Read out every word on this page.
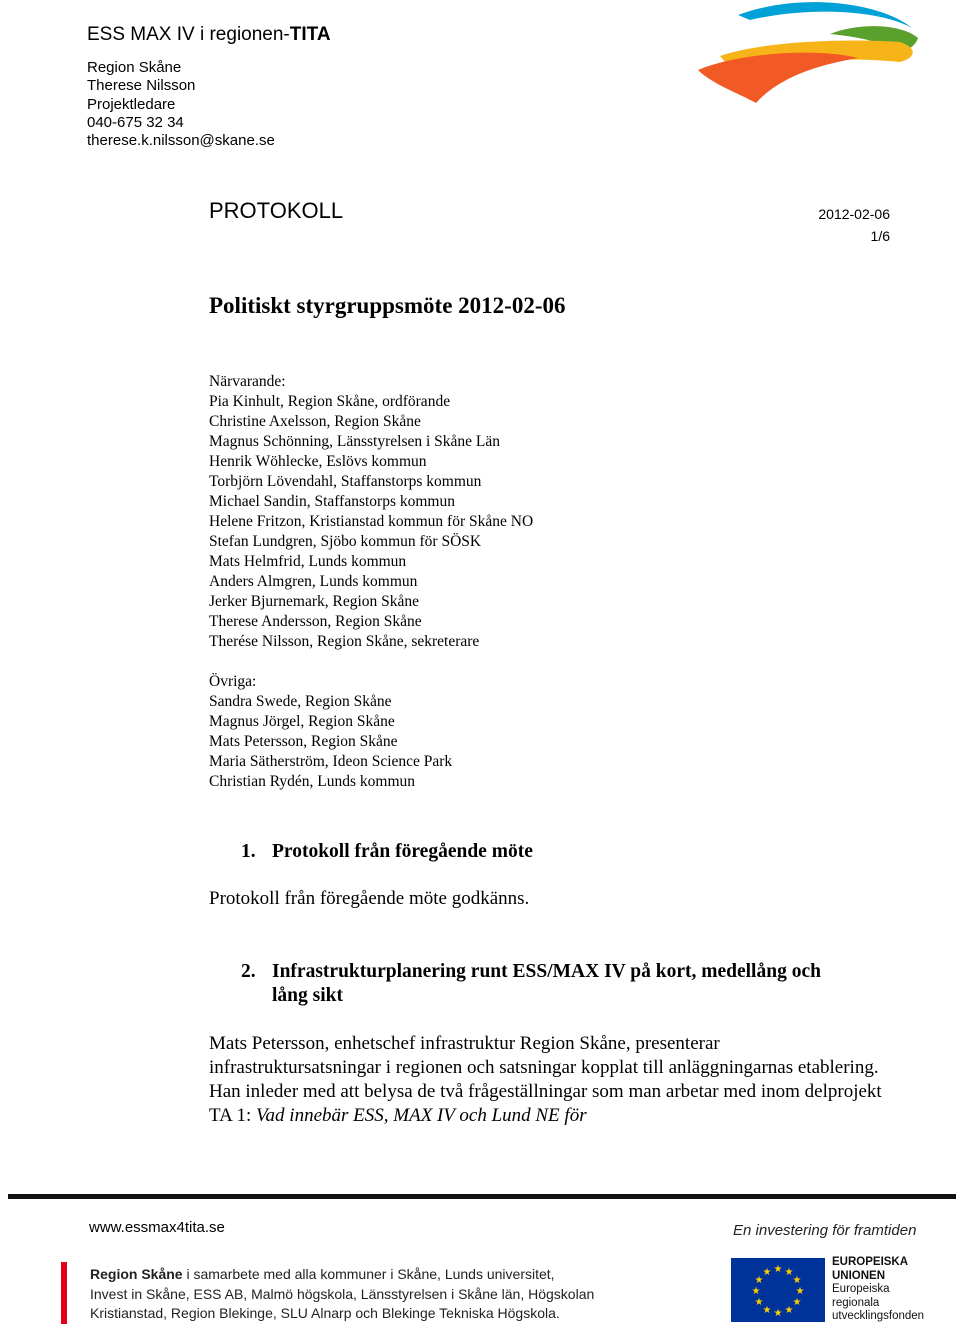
ESS MAX IV i regionen-TITA
Region Skåne
Therese Nilsson
Projektledare
040-675 32 34
therese.k.nilsson@skane.se
PROTOKOLL	2012-02-06
1/6
Politiskt styrgruppsmöte 2012-02-06
Närvarande:
Pia Kinhult, Region Skåne, ordförande
Christine Axelsson, Region Skåne
Magnus Schönning, Länsstyrelsen i Skåne Län
Henrik Wöhlecke, Eslövs kommun
Torbjörn Lövendahl, Staffanstorps kommun
Michael Sandin, Staffanstorps kommun
Helene Fritzon, Kristianstad kommun för Skåne NO
Stefan Lundgren, Sjöbo kommun för SÖSK
Mats Helmfrid, Lunds kommun
Anders Almgren, Lunds kommun
Jerker Bjurnemark, Region Skåne
Therese Andersson, Region Skåne
Therése Nilsson, Region Skåne, sekreterare
Övriga:
Sandra Swede, Region Skåne
Magnus Jörgel, Region Skåne
Mats Petersson, Region Skåne
Maria Sätherström, Ideon Science Park
Christian Rydén, Lunds kommun
1. Protokoll från föregående möte
Protokoll från föregående möte godkänns.
2. Infrastrukturplanering runt ESS/MAX IV på kort, medellång och
lång sikt
Mats Petersson, enhetschef infrastruktur Region Skåne, presenterar infrastruktursatsningar i regionen och satsningar kopplat till anläggningarnas etablering. Han inleder med att belysa de två frågeställningar som man arbetar med inom delprojekt TA 1: Vad innebär ESS, MAX IV och Lund NE för
www.essmax4tita.se	En investering för framtiden
Region Skåne i samarbete med alla kommuner i Skåne, Lunds universitet,
Invest in Skåne, ESS AB, Malmö högskola, Länsstyrelsen i Skåne län, Högskolan
Kristianstad, Region Blekinge, SLU Alnarp och Blekinge Tekniska Högskola.
★ ★
★
★
★
★
★
★
★
★
★
★
EUROPEISKA
UNIONEN
Europeiska
regionala
utvecklingsfonden
